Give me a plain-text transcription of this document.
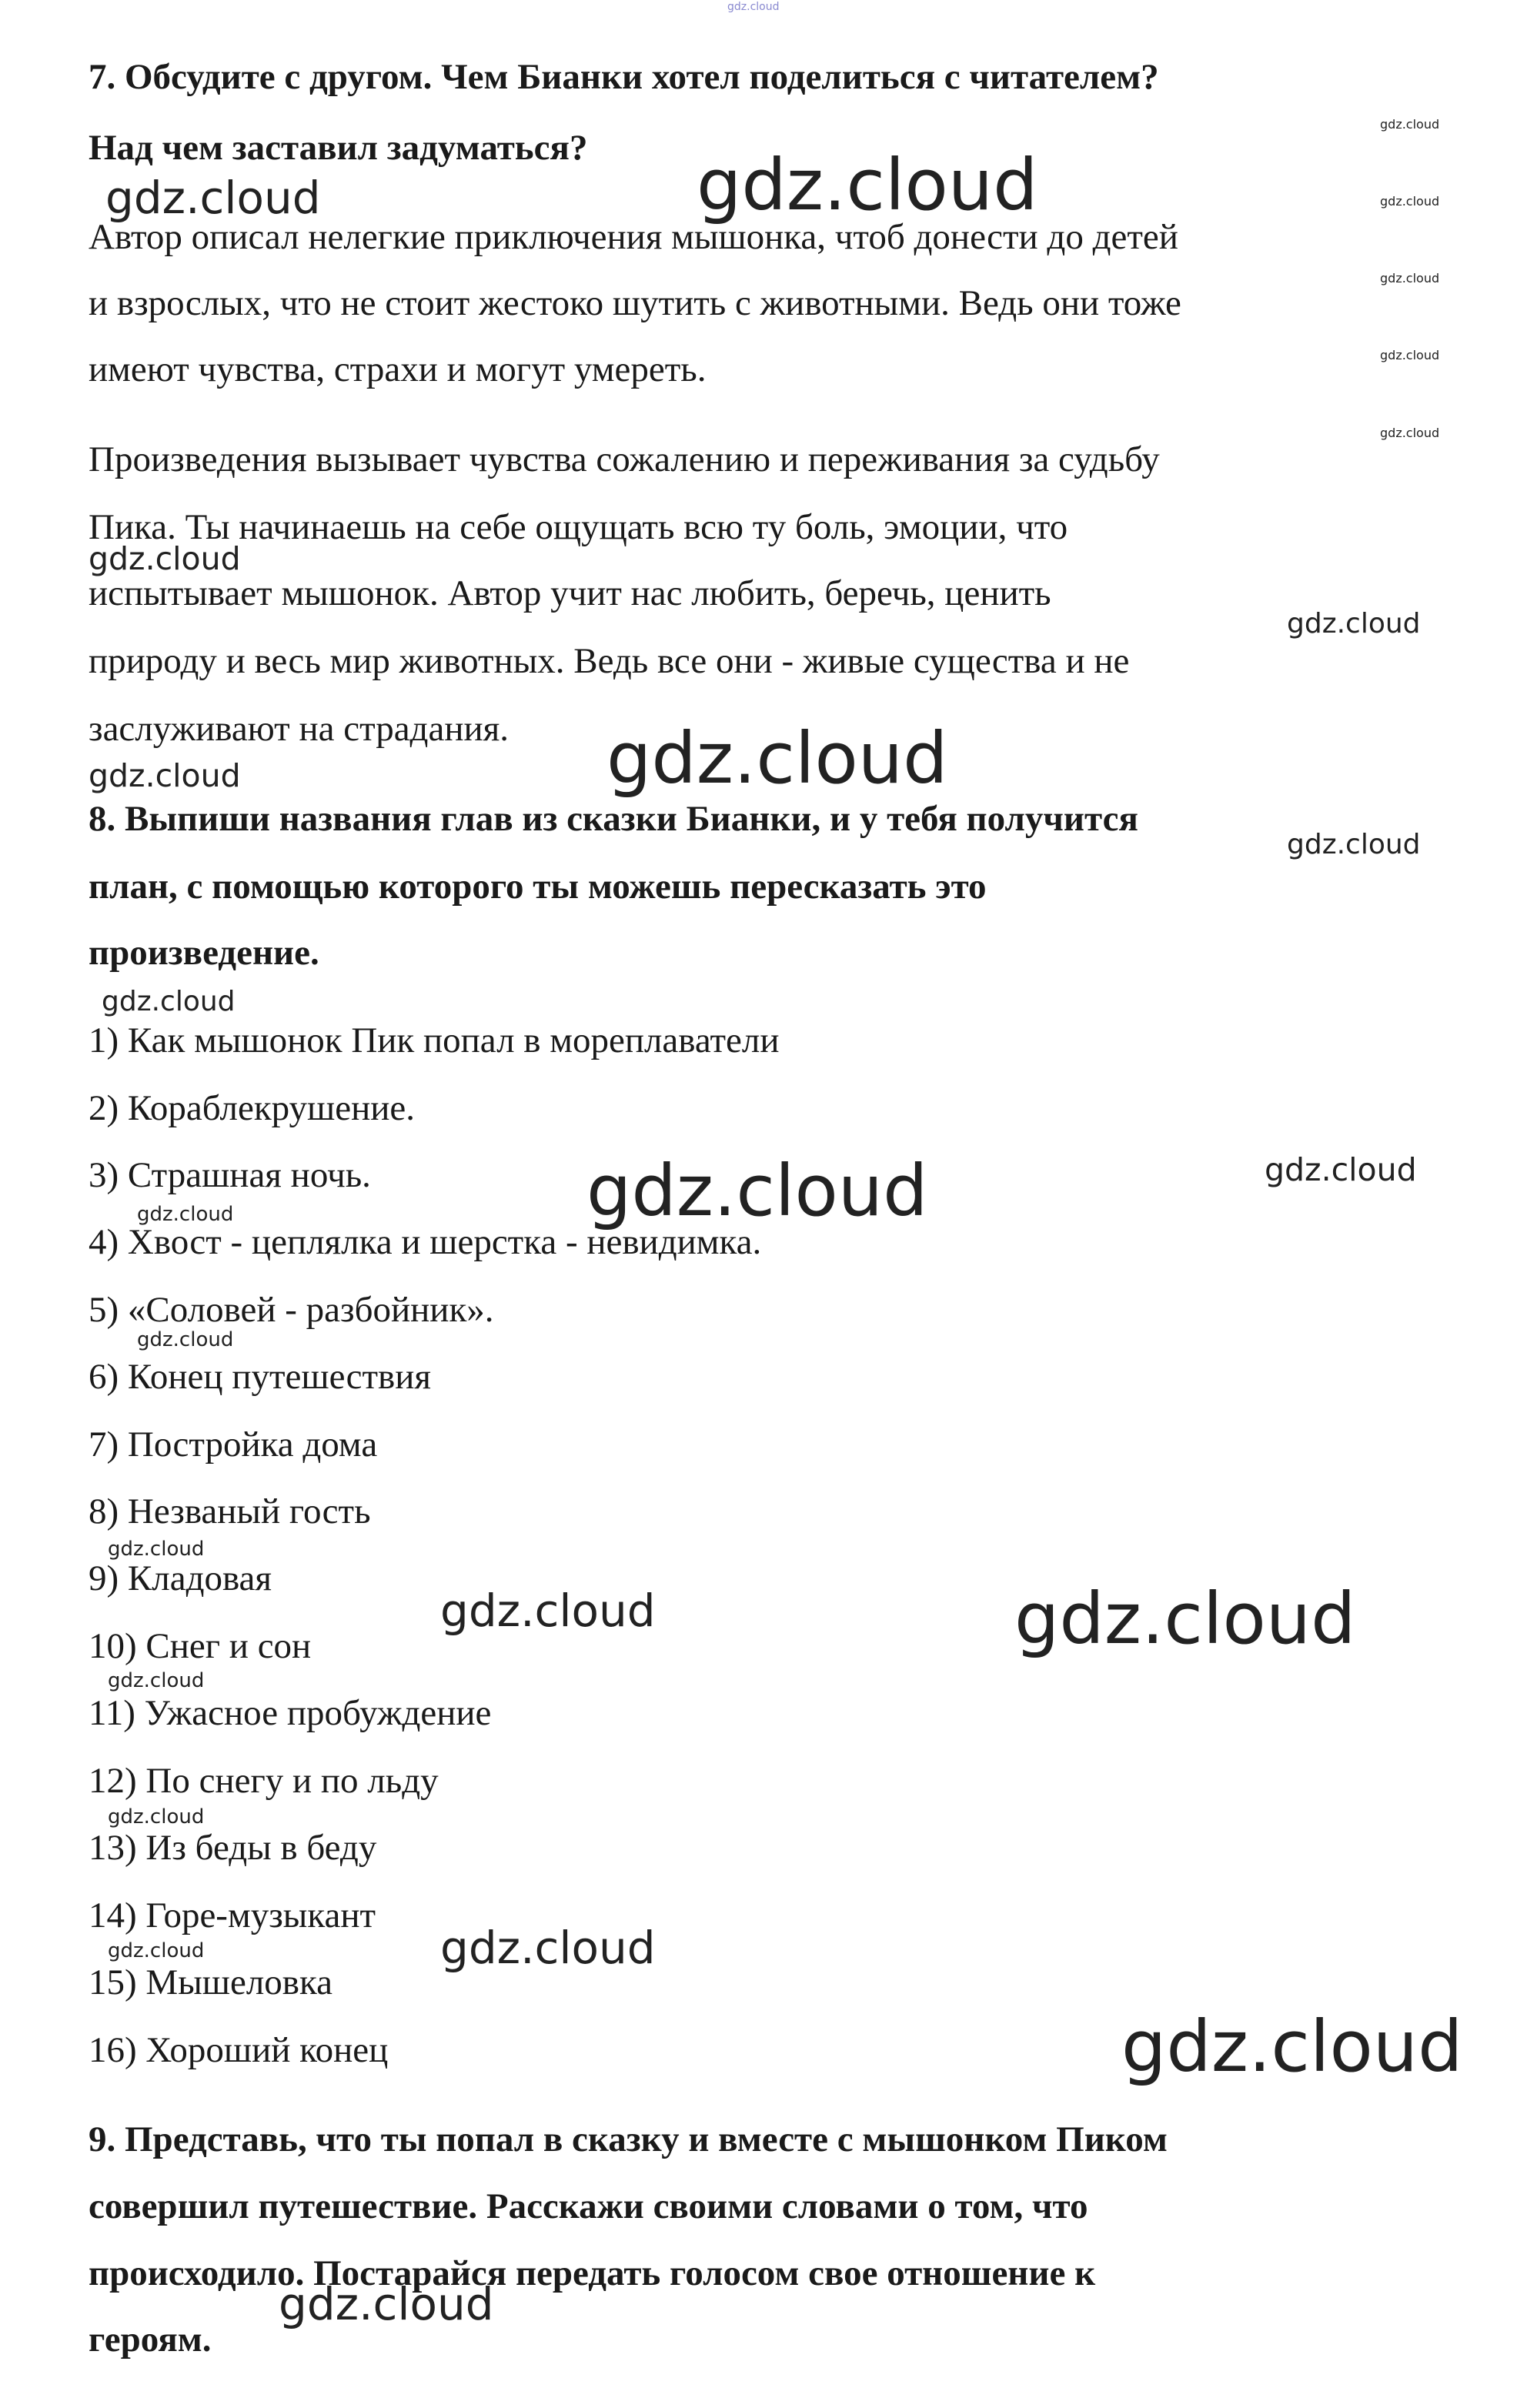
7. Обсудите с другом. Чем Бианки хотел поделиться с читателем?
Над чем заставил задуматься?
Автор описал нелегкие приключения мышонка, чтоб донести до детей
и взрослых, что не стоит жестоко шутить с животными. Ведь они тоже
имеют чувства, страхи и могут умереть.
Произведения вызывает чувства сожалению и переживания за судьбу
Пика. Ты начинаешь на себе ощущать всю ту боль, эмоции, что
испытывает мышонок. Автор учит нас любить, беречь, ценить
природу и весь мир животных. Ведь все они - живые существа и не
заслуживают на страдания.
8. Выпиши названия глав из сказки Бианки, и у тебя получится
план, с помощью которого ты можешь пересказать это
произведение.
1) Как мышонок Пик попал в мореплаватели
2) Кораблекрушение.
3) Страшная ночь.
4) Хвост - цеплялка и шерстка - невидимка.
5) «Соловей - разбойник».
6) Конец путешествия
7) Постройка дома
8) Незваный гость
9) Кладовая
10) Снег и сон
11) Ужасное пробуждение
12) По снегу и по льду
13) Из беды в беду
14) Горе-музыкант
15) Мышеловка
16) Хороший конец
9. Представь, что ты попал в сказку и вместе с мышонком Пиком
совершил путешествие. Расскажи своими словами о том, что
происходило. Постарайся передать голосом свое отношение к
героям.
gdz.cloud
gdz.cloud
gdz.cloud
gdz.cloud
gdz.cloud
gdz.cloud
gdz.cloud
gdz.cloud
gdz.cloud
gdz.cloud
gdz.cloud
gdz.cloud
gdz.cloud
gdz.cloud
gdz.cloud
gdz.cloud
gdz.cloud
gdz.cloud
gdz.cloud
gdz.cloud
gdz.cloud
gdz.cloud
gdz.cloud
gdz.cloud
gdz.cloud
gdz.cloud
gdz.cloud
